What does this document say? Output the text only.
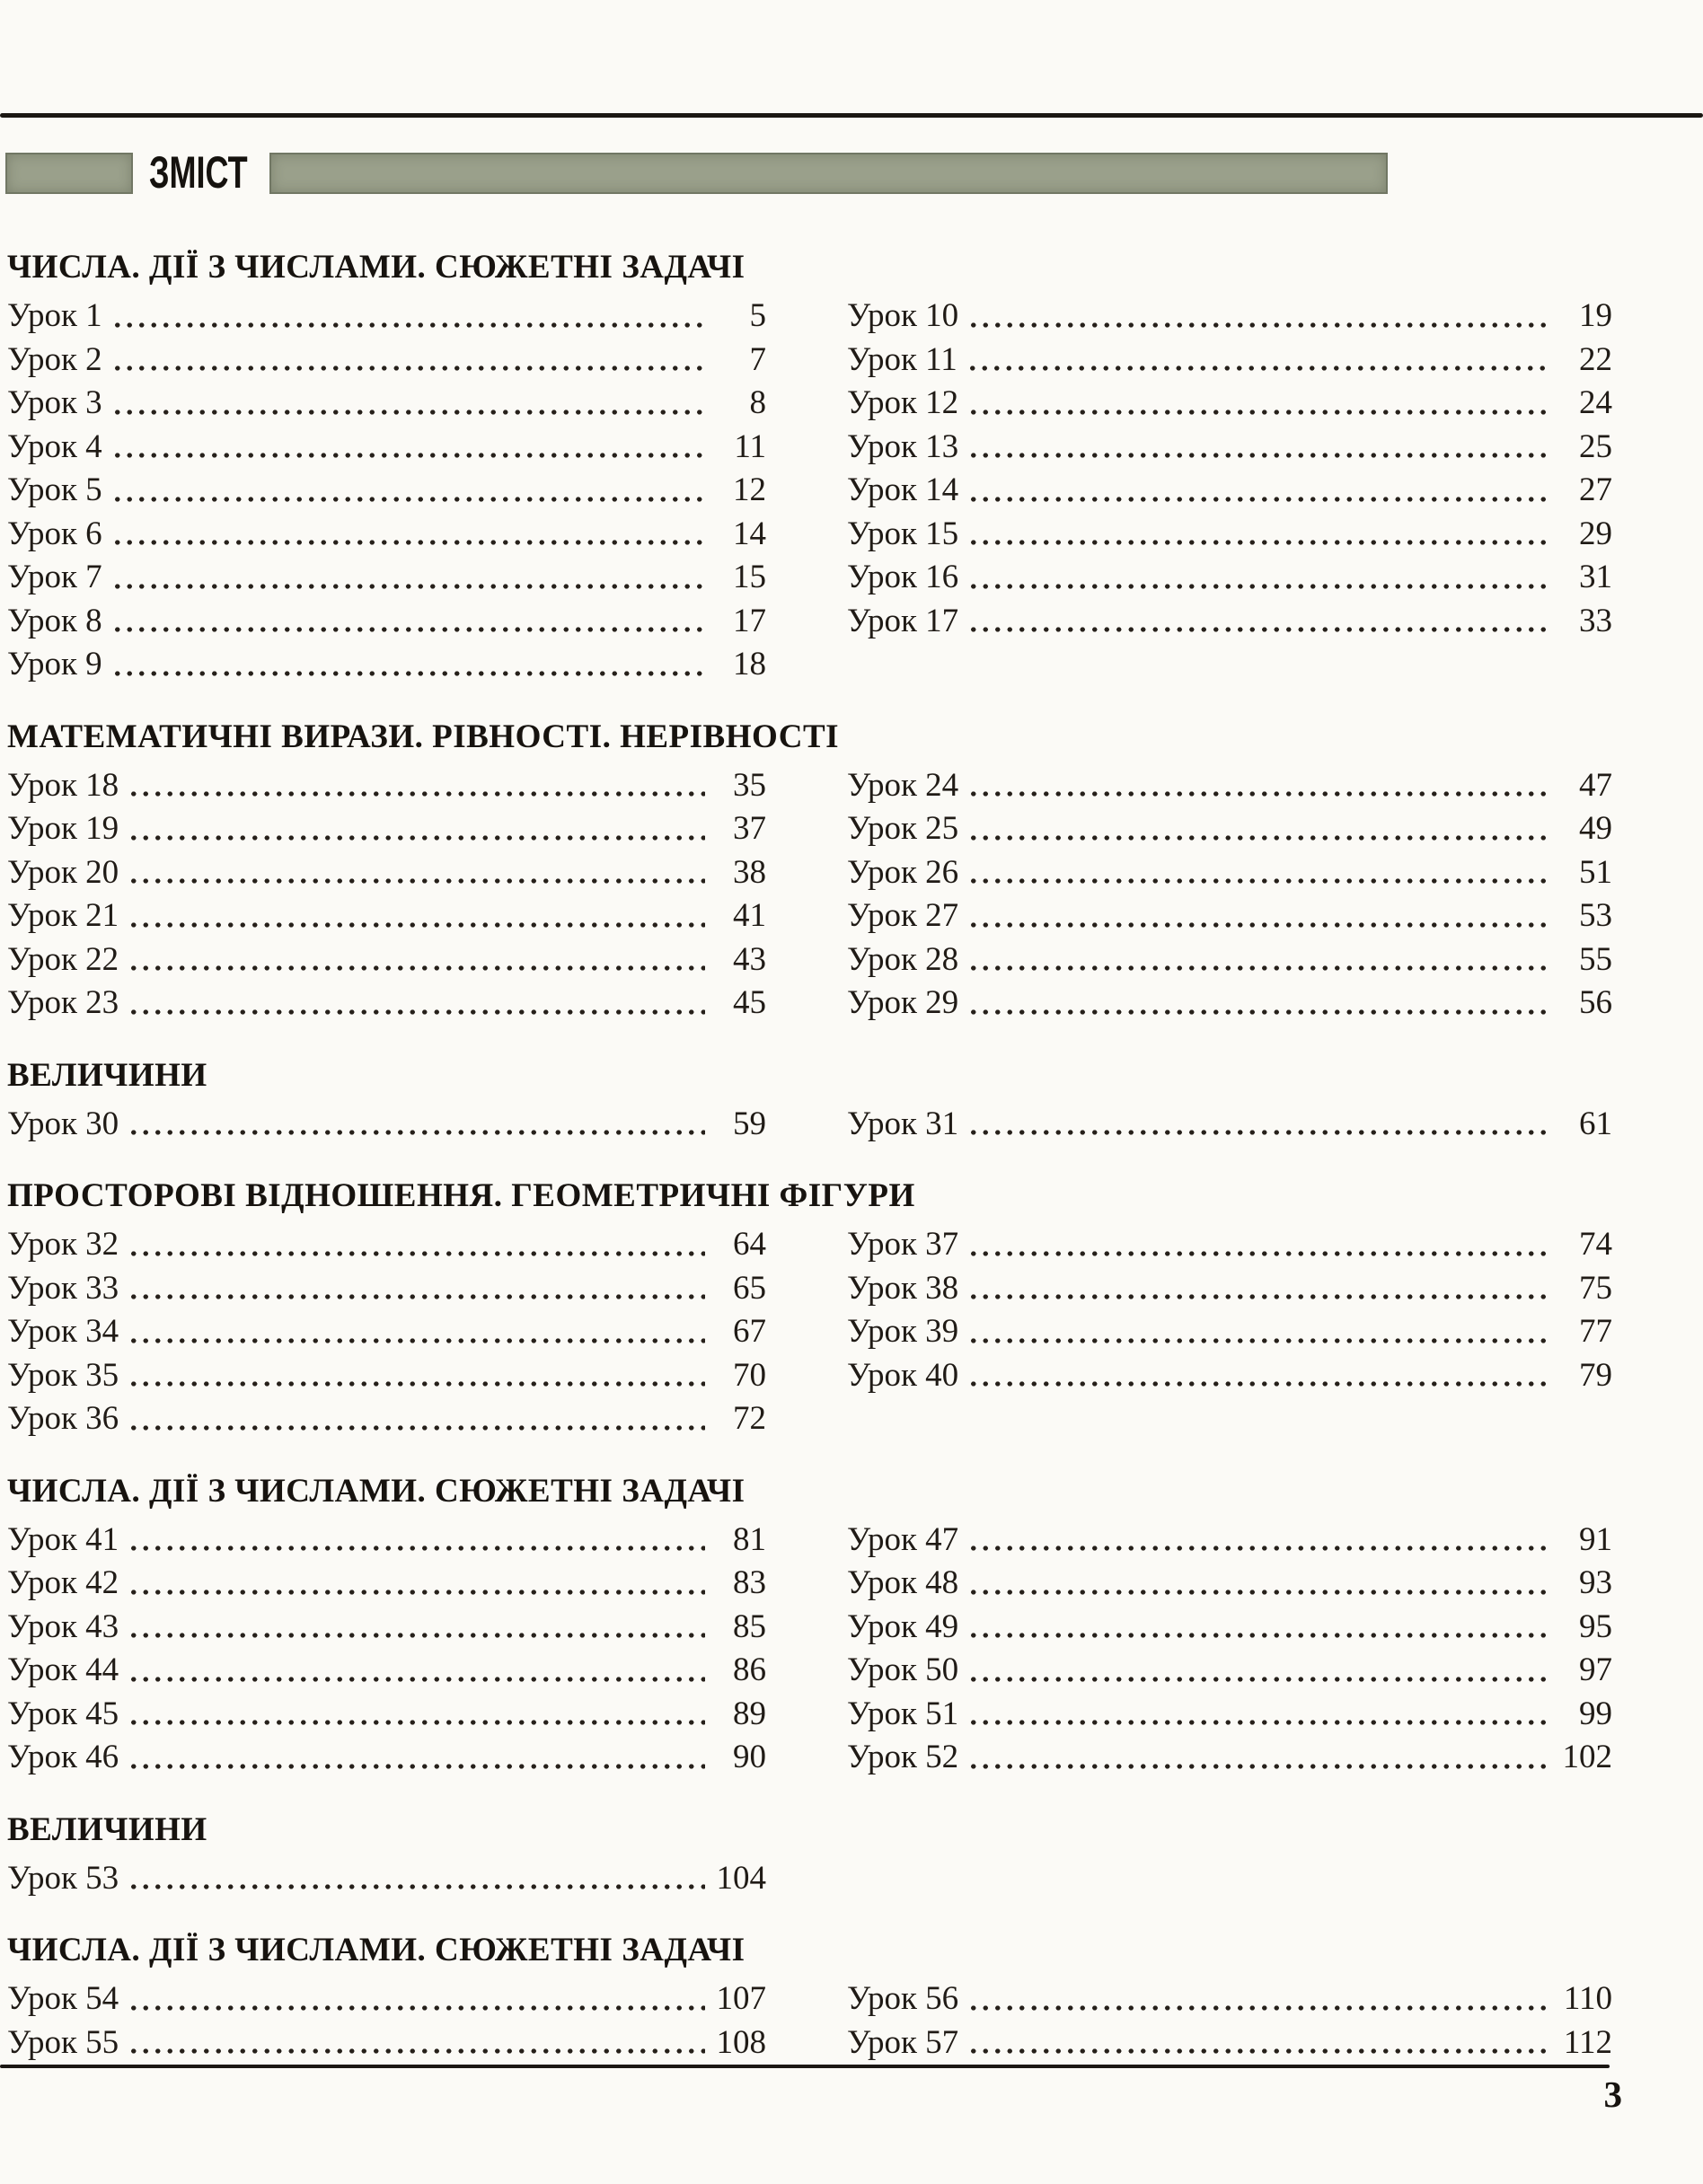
ЗМІСТ
ЧИСЛА. ДІЇ З ЧИСЛАМИ. СЮЖЕТНІ ЗАДАЧІ
Урок 1	5
Урок 2	7
Урок 3	8
Урок 4	11
Урок 5	12
Урок 6	14
Урок 7	15
Урок 8	17
Урок 9	18
Урок 10	19
Урок 11	22
Урок 12	24
Урок 13	25
Урок 14	27
Урок 15	29
Урок 16	31
Урок 17	33
МАТЕМАТИЧНІ ВИРАЗИ. РІВНОСТІ. НЕРІВНОСТІ
Урок 18	35
Урок 19	37
Урок 20	38
Урок 21	41
Урок 22	43
Урок 23	45
Урок 24	47
Урок 25	49
Урок 26	51
Урок 27	53
Урок 28	55
Урок 29	56
ВЕЛИЧИНИ
Урок 30	59 Урок 31	61
ПРОСТОРОВІ ВІДНОШЕННЯ. ГЕОМЕТРИЧНІ ФІГУРИ
Урок 32	64
Урок 33	65
Урок 34	67
Урок 35	70
Урок 36	72
Урок 37	74
Урок 38	75
Урок 39	77
Урок 40	79
ЧИСЛА. ДІЇ З ЧИСЛАМИ. СЮЖЕТНІ ЗАДАЧІ
Урок 41	81
Урок 42	83
Урок 43	85
Урок 44	86
Урок 45	89
Урок 46	90
Урок 47	91
Урок 48	93
Урок 49	95
Урок 50	97
Урок 51	99
Урок 52	102
ВЕЛИЧИНИ
Урок 53	104
ЧИСЛА. ДІЇ З ЧИСЛАМИ. СЮЖЕТНІ ЗАДАЧІ
Урок 54	107
Урок 55	108
Урок 56	110
Урок 57	112
3
